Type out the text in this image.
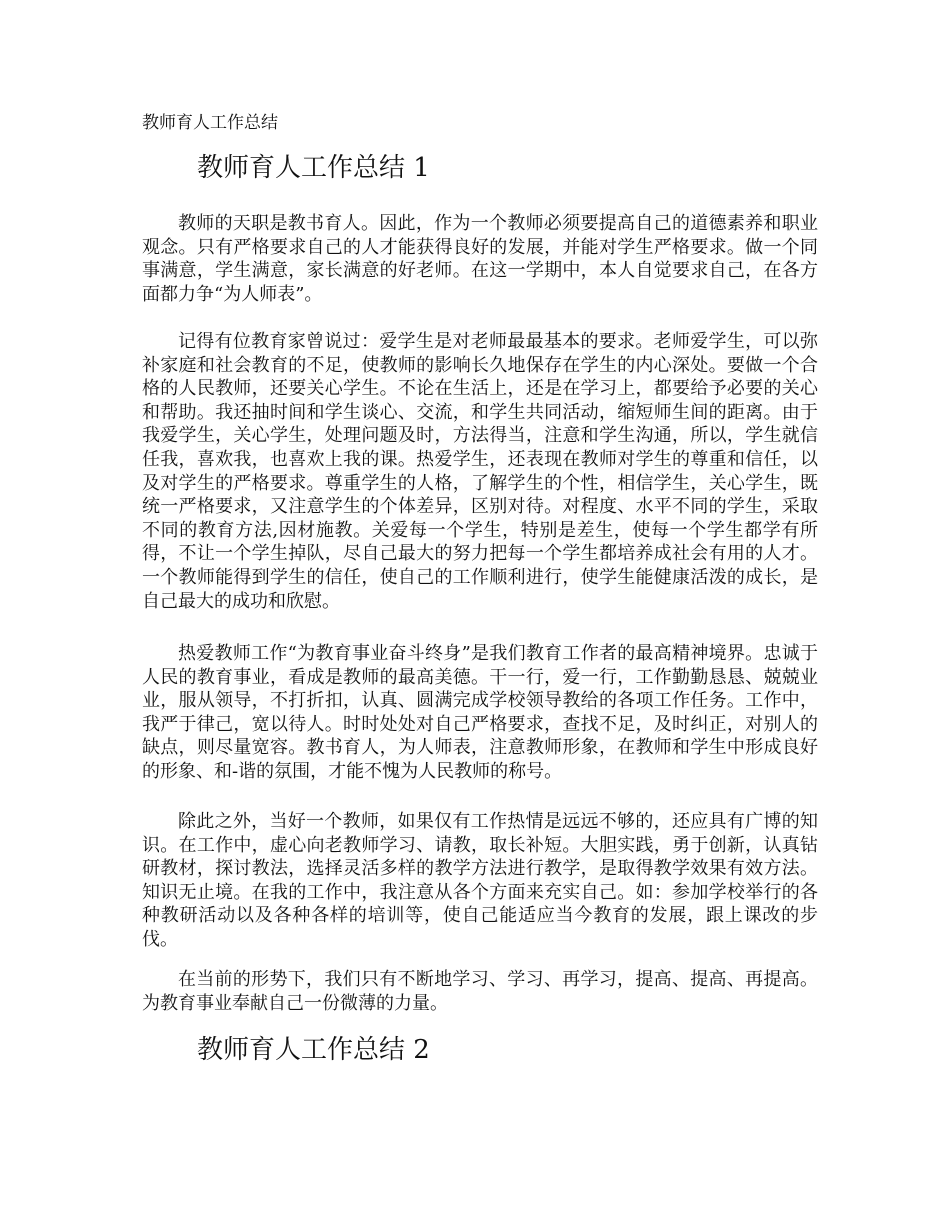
教师育人工作总结
教师育人工作总结 1

教师的天职是教书育人。因此，作为一个教师必须要提高自己的道德素养和职业观念。只有严格要求自己的人才能获得良好的发展，并能对学生严格要求。做一个同事满意，学生满意，家长满意的好老师。在这一学期中，本人自觉要求自己，在各方面都力争“为人师表”。

记得有位教育家曾说过：爱学生是对老师最最基本的要求。老师爱学生，可以弥补家庭和社会教育的不足，使教师的影响长久地保存在学生的内心深处。要做一个合格的人民教师，还要关心学生。不论在生活上，还是在学习上，都要给予必要的关心和帮助。我还抽时间和学生谈心、交流，和学生共同活动，缩短师生间的距离。由于我爱学生，关心学生，处理问题及时，方法得当，注意和学生沟通，所以，学生就信任我，喜欢我，也喜欢上我的课。热爱学生，还表现在教师对学生的尊重和信任，以及对学生的严格要求。尊重学生的人格，了解学生的个性，相信学生，关心学生，既统一严格要求，又注意学生的个体差异，区别对待。对程度、水平不同的学生，采取不同的教育方法,因材施教。关爱每一个学生，特别是差生，使每一个学生都学有所得，不让一个学生掉队，尽自己最大的努力把每一个学生都培养成社会有用的人才。一个教师能得到学生的信任，使自己的工作顺利进行，使学生能健康活泼的成长，是自己最大的成功和欣慰。

热爱教师工作“为教育事业奋斗终身”是我们教育工作者的最高精神境界。忠诚于人民的教育事业，看成是教师的最高美德。干一行，爱一行，工作勤勤恳恳、兢兢业业，服从领导，不打折扣，认真、圆满完成学校领导教给的各项工作任务。工作中，我严于律己，宽以待人。时时处处对自己严格要求，查找不足，及时纠正，对别人的缺点，则尽量宽容。教书育人，为人师表，注意教师形象，在教师和学生中形成良好的形象、和-谐的氛围，才能不愧为人民教师的称号。

除此之外，当好一个教师，如果仅有工作热情是远远不够的，还应具有广博的知识。在工作中，虚心向老教师学习、请教，取长补短。大胆实践，勇于创新，认真钻研教材，探讨教法，选择灵活多样的教学方法进行教学，是取得教学效果有效方法。知识无止境。在我的工作中，我注意从各个方面来充实自己。如：参加学校举行的各种教研活动以及各种各样的培训等，使自己能适应当今教育的发展，跟上课改的步伐。

在当前的形势下，我们只有不断地学习、学习、再学习，提高、提高、再提高。为教育事业奉献自己一份微薄的力量。

教师育人工作总结 2
